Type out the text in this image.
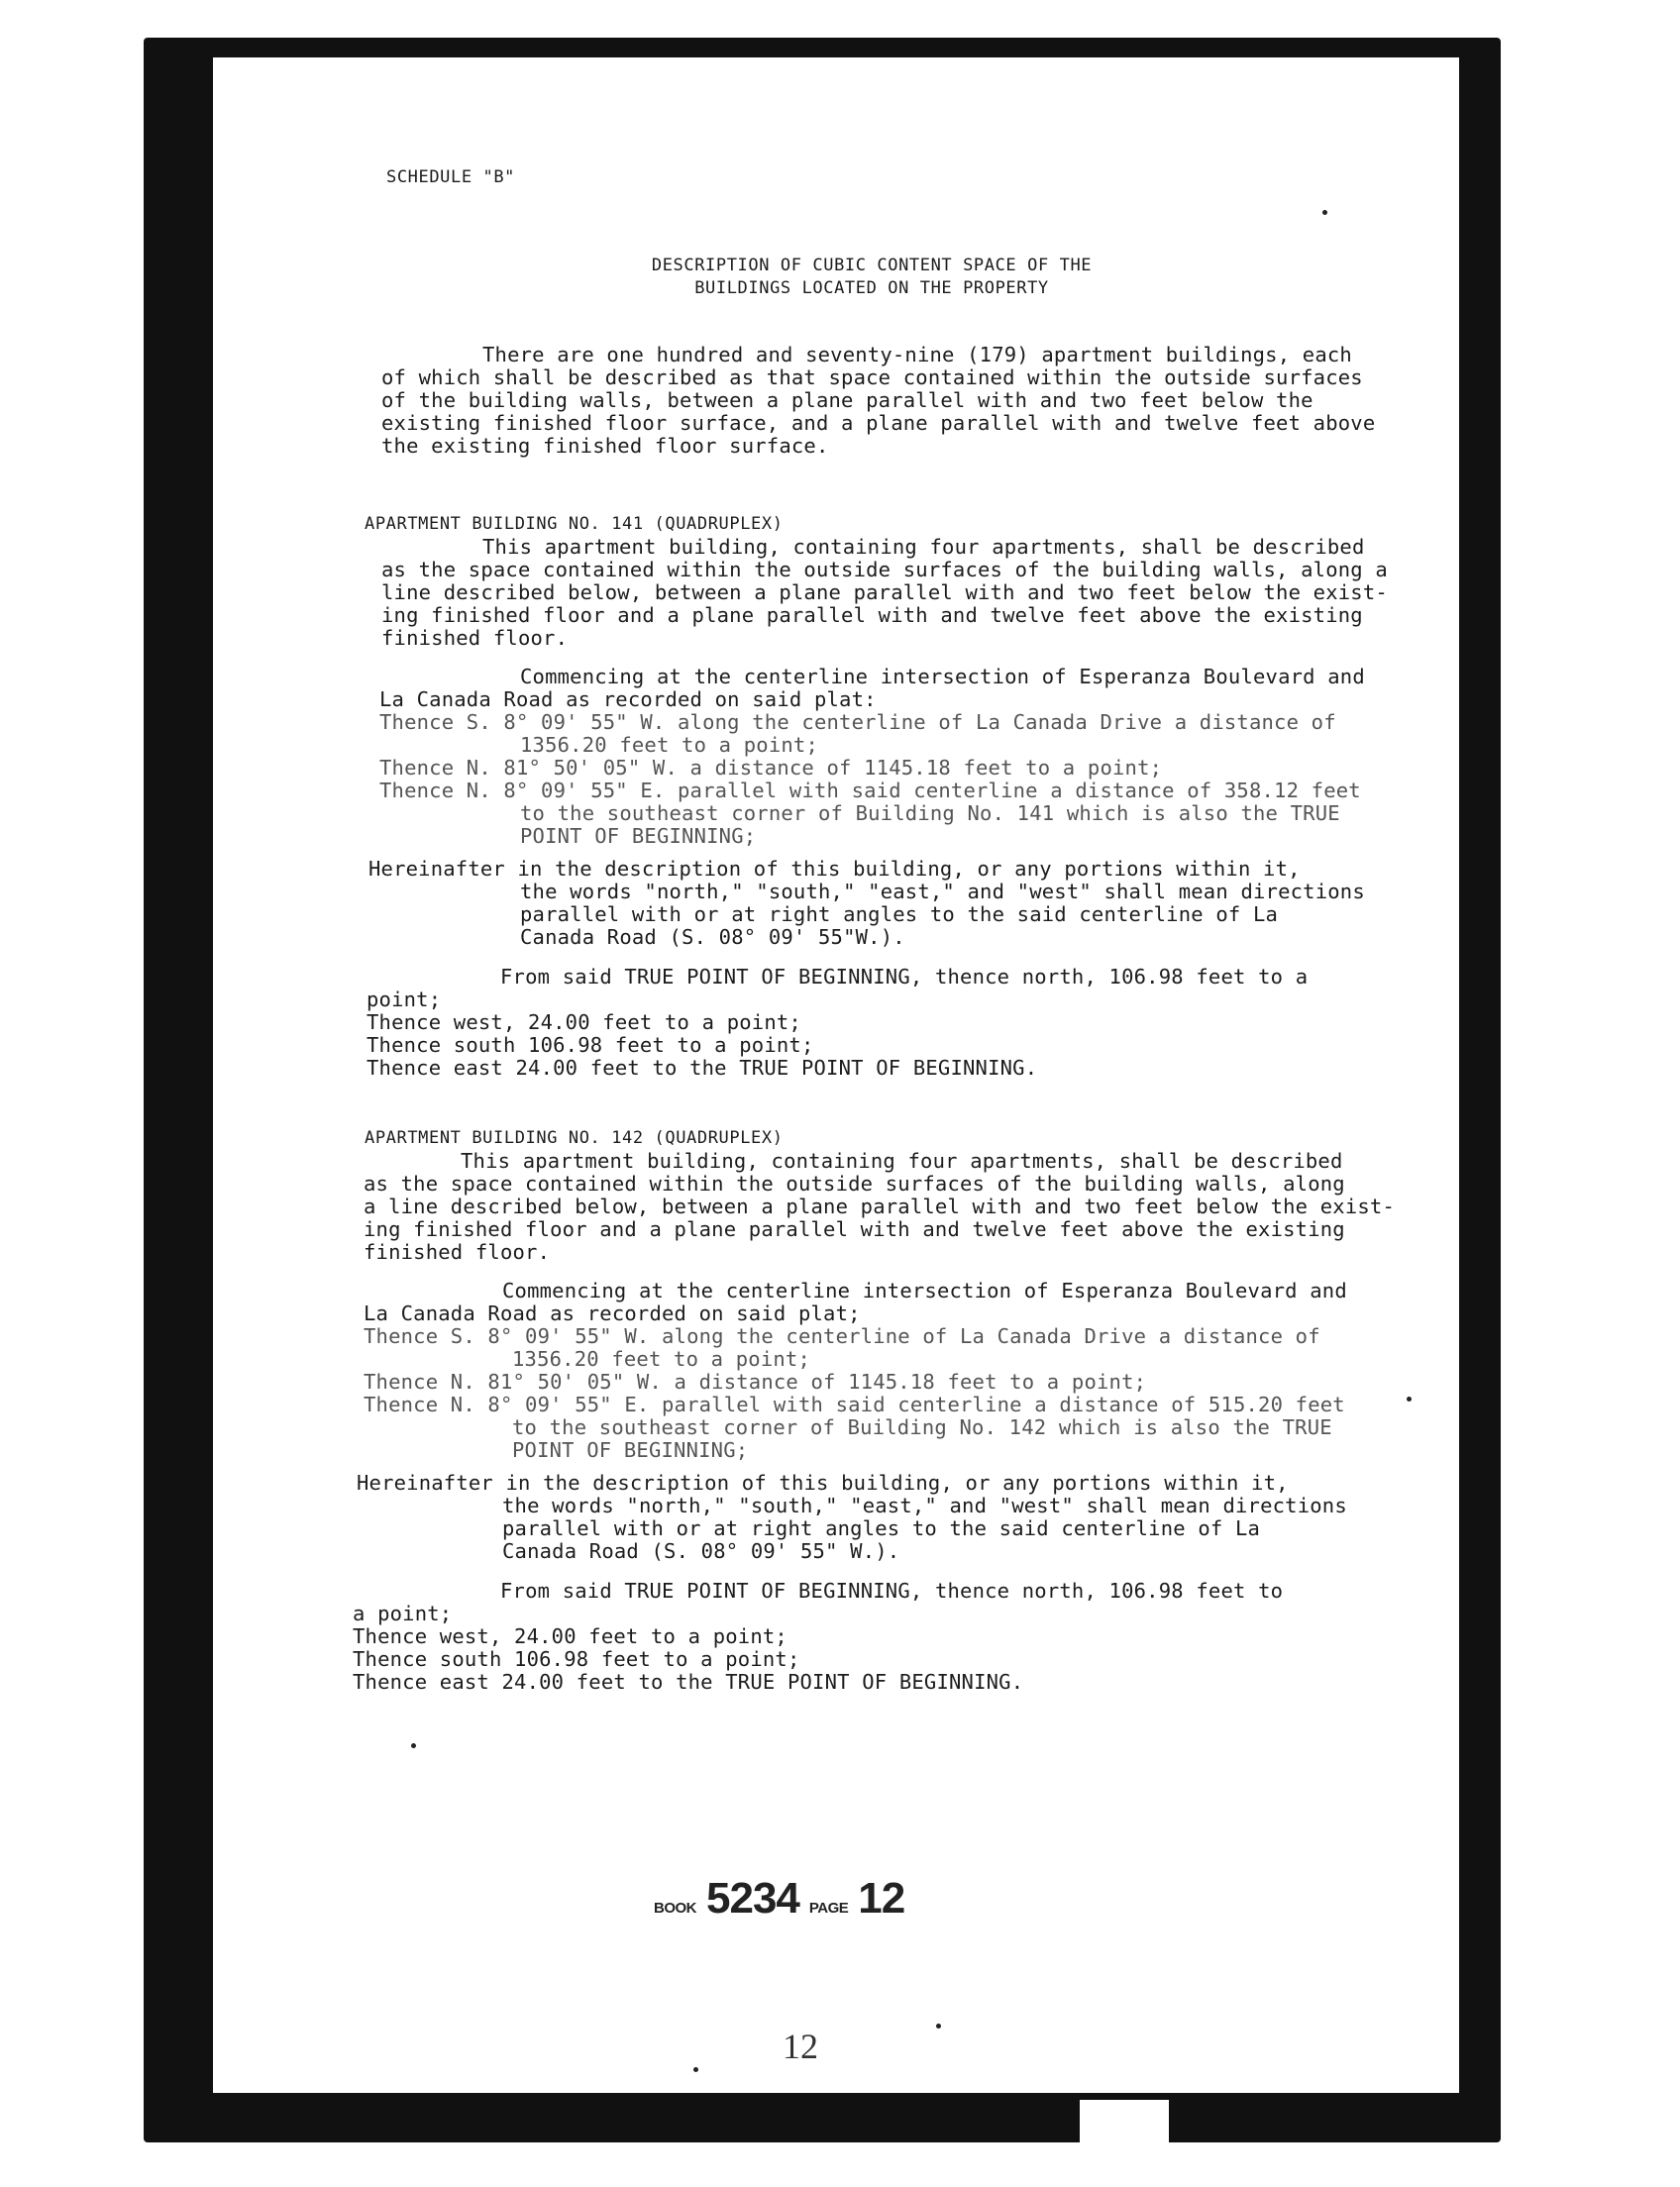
SCHEDULE "B"
DESCRIPTION OF CUBIC CONTENT SPACE OF THE
BUILDINGS LOCATED ON THE PROPERTY
There are one hundred and seventy-nine (179) apartment buildings, each
of which shall be described as that space contained within the outside surfaces
of the building walls, between a plane parallel with and two feet below the
existing finished floor surface, and a plane parallel with and twelve feet above
the existing finished floor surface.
APARTMENT BUILDING NO. 141 (QUADRUPLEX)
This apartment building, containing four apartments, shall be described
as the space contained within the outside surfaces of the building walls, along a
line described below, between a plane parallel with and two feet below the exist-
ing finished floor and a plane parallel with and twelve feet above the existing
finished floor.
Commencing at the centerline intersection of Esperanza Boulevard and
La Canada Road as recorded on said plat:
Thence S. 8° 09' 55" W. along the centerline of La Canada Drive a distance of
1356.20 feet to a point;
Thence N. 81° 50' 05" W. a distance of 1145.18 feet to a point;
Thence N. 8° 09' 55" E. parallel with said centerline a distance of 358.12 feet
to the southeast corner of Building No. 141 which is also the TRUE
POINT OF BEGINNING;
Hereinafter in the description of this building, or any portions within it,
the words "north," "south," "east," and "west" shall mean directions
parallel with or at right angles to the said centerline of La
Canada Road (S. 08° 09' 55"W.).
From said TRUE POINT OF BEGINNING, thence north, 106.98 feet to a
point;
Thence west, 24.00 feet to a point;
Thence south 106.98 feet to a point;
Thence east 24.00 feet to the TRUE POINT OF BEGINNING.
APARTMENT BUILDING NO. 142 (QUADRUPLEX)
This apartment building, containing four apartments, shall be described
as the space contained within the outside surfaces of the building walls, along
a line described below, between a plane parallel with and two feet below the exist-
ing finished floor and a plane parallel with and twelve feet above the existing
finished floor.
Commencing at the centerline intersection of Esperanza Boulevard and
La Canada Road as recorded on said plat;
Thence S. 8° 09' 55" W. along the centerline of La Canada Drive a distance of
1356.20 feet to a point;
Thence N. 81° 50' 05" W. a distance of 1145.18 feet to a point;
Thence N. 8° 09' 55" E. parallel with said centerline a distance of 515.20 feet
to the southeast corner of Building No. 142 which is also the TRUE
POINT OF BEGINNING;
Hereinafter in the description of this building, or any portions within it,
the words "north," "south," "east," and "west" shall mean directions
parallel with or at right angles to the said centerline of La
Canada Road (S. 08° 09' 55" W.).
From said TRUE POINT OF BEGINNING, thence north, 106.98 feet to
a point;
Thence west, 24.00 feet to a point;
Thence south 106.98 feet to a point;
Thence east 24.00 feet to the TRUE POINT OF BEGINNING.
BOOK 5234 PAGE 12
12
